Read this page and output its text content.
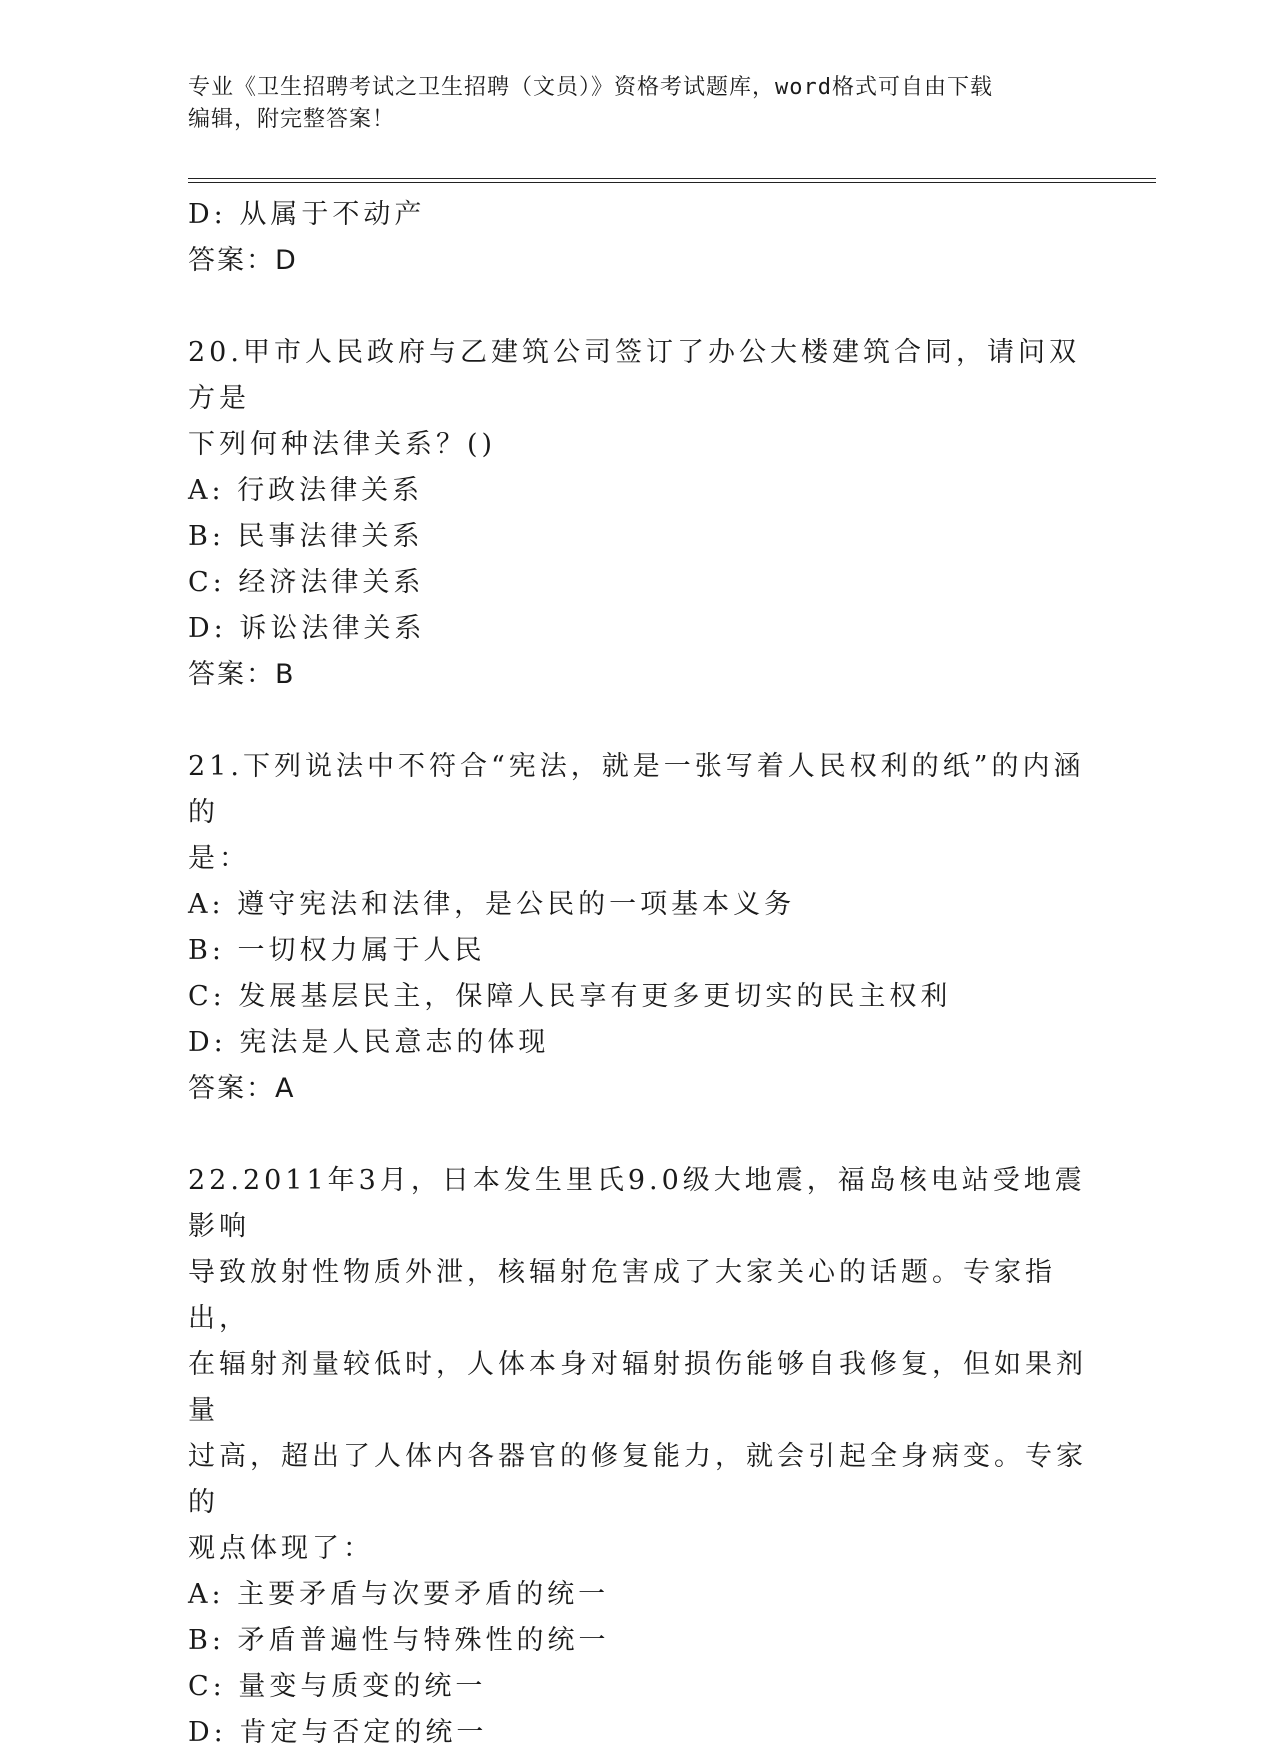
专业《卫生招聘考试之卫生招聘（文员）》资格考试题库，word格式可自由下载
编辑，附完整答案！

D: 从属于不动产

答案：D

20.甲市人民政府与乙建筑公司签订了办公大楼建筑合同，请问双方是

下列何种法律关系？()

A: 行政法律关系

B: 民事法律关系

C: 经济法律关系

D: 诉讼法律关系

答案：B

21.下列说法中不符合“宪法，就是一张写着人民权利的纸”的内涵的

是：

A: 遵守宪法和法律，是公民的一项基本义务

B: 一切权力属于人民

C: 发展基层民主，保障人民享有更多更切实的民主权利

D: 宪法是人民意志的体现

答案：A

22.2011年3月，日本发生里氏9.0级大地震，福岛核电站受地震影响

导致放射性物质外泄，核辐射危害成了大家关心的话题。专家指出，

在辐射剂量较低时，人体本身对辐射损伤能够自我修复，但如果剂量

过高，超出了人体内各器官的修复能力，就会引起全身病变。专家的

观点体现了：

A: 主要矛盾与次要矛盾的统一

B: 矛盾普遍性与特殊性的统一

C: 量变与质变的统一

D: 肯定与否定的统一
